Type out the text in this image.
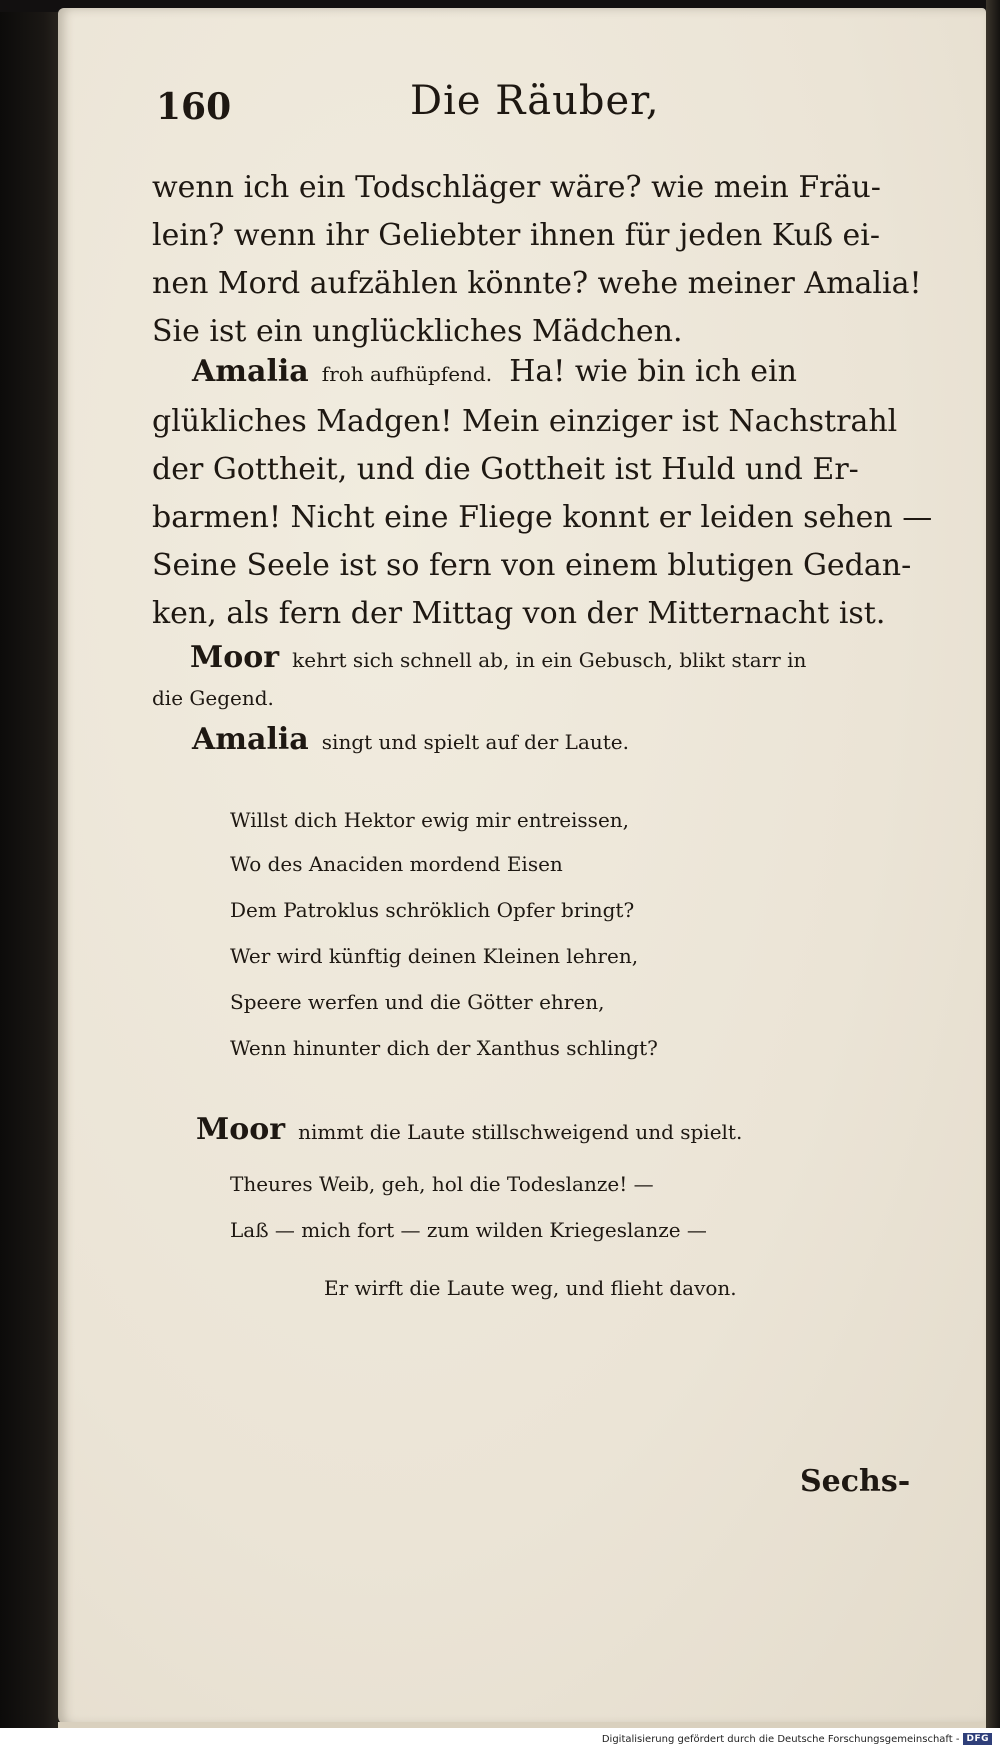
160	Die Räuber,
wenn ich ein Todschläger wäre? wie mein Fräu-
lein? wenn ihr Geliebter ihnen für jeden Kuß ei-
nen Mord aufzählen könnte? wehe meiner Amalia!
Sie ist ein unglückliches Mädchen.
Amalia froh aufhüpfend. Ha! wie bin ich ein
glükliches Madgen! Mein einziger ist Nachstrahl
der Gottheit, und die Gottheit ist Huld und Er-
barmen! Nicht eine Fliege konnt er leiden sehen —
Seine Seele ist so fern von einem blutigen Gedan-
ken, als fern der Mittag von der Mitternacht ist.
Moor kehrt sich schnell ab, in ein Gebusch, blikt starr in
die Gegend.
Amalia singt und spielt auf der Laute.
Willst dich Hektor ewig mir entreissen,
Wo des Anaciden mordend Eisen
Dem Patroklus schröklich Opfer bringt?
Wer wird künftig deinen Kleinen lehren,
Speere werfen und die Götter ehren,
Wenn hinunter dich der Xanthus schlingt?
Moor nimmt die Laute stillschweigend und spielt.
Theures Weib, geh, hol die Todeslanze! —
Laß — mich fort — zum wilden Kriegeslanze —
Er wirft die Laute weg, und flieht davon.
Sechs-
Digitalisierung gefördert durch die Deutsche Forschungsgemeinschaft - DFG
